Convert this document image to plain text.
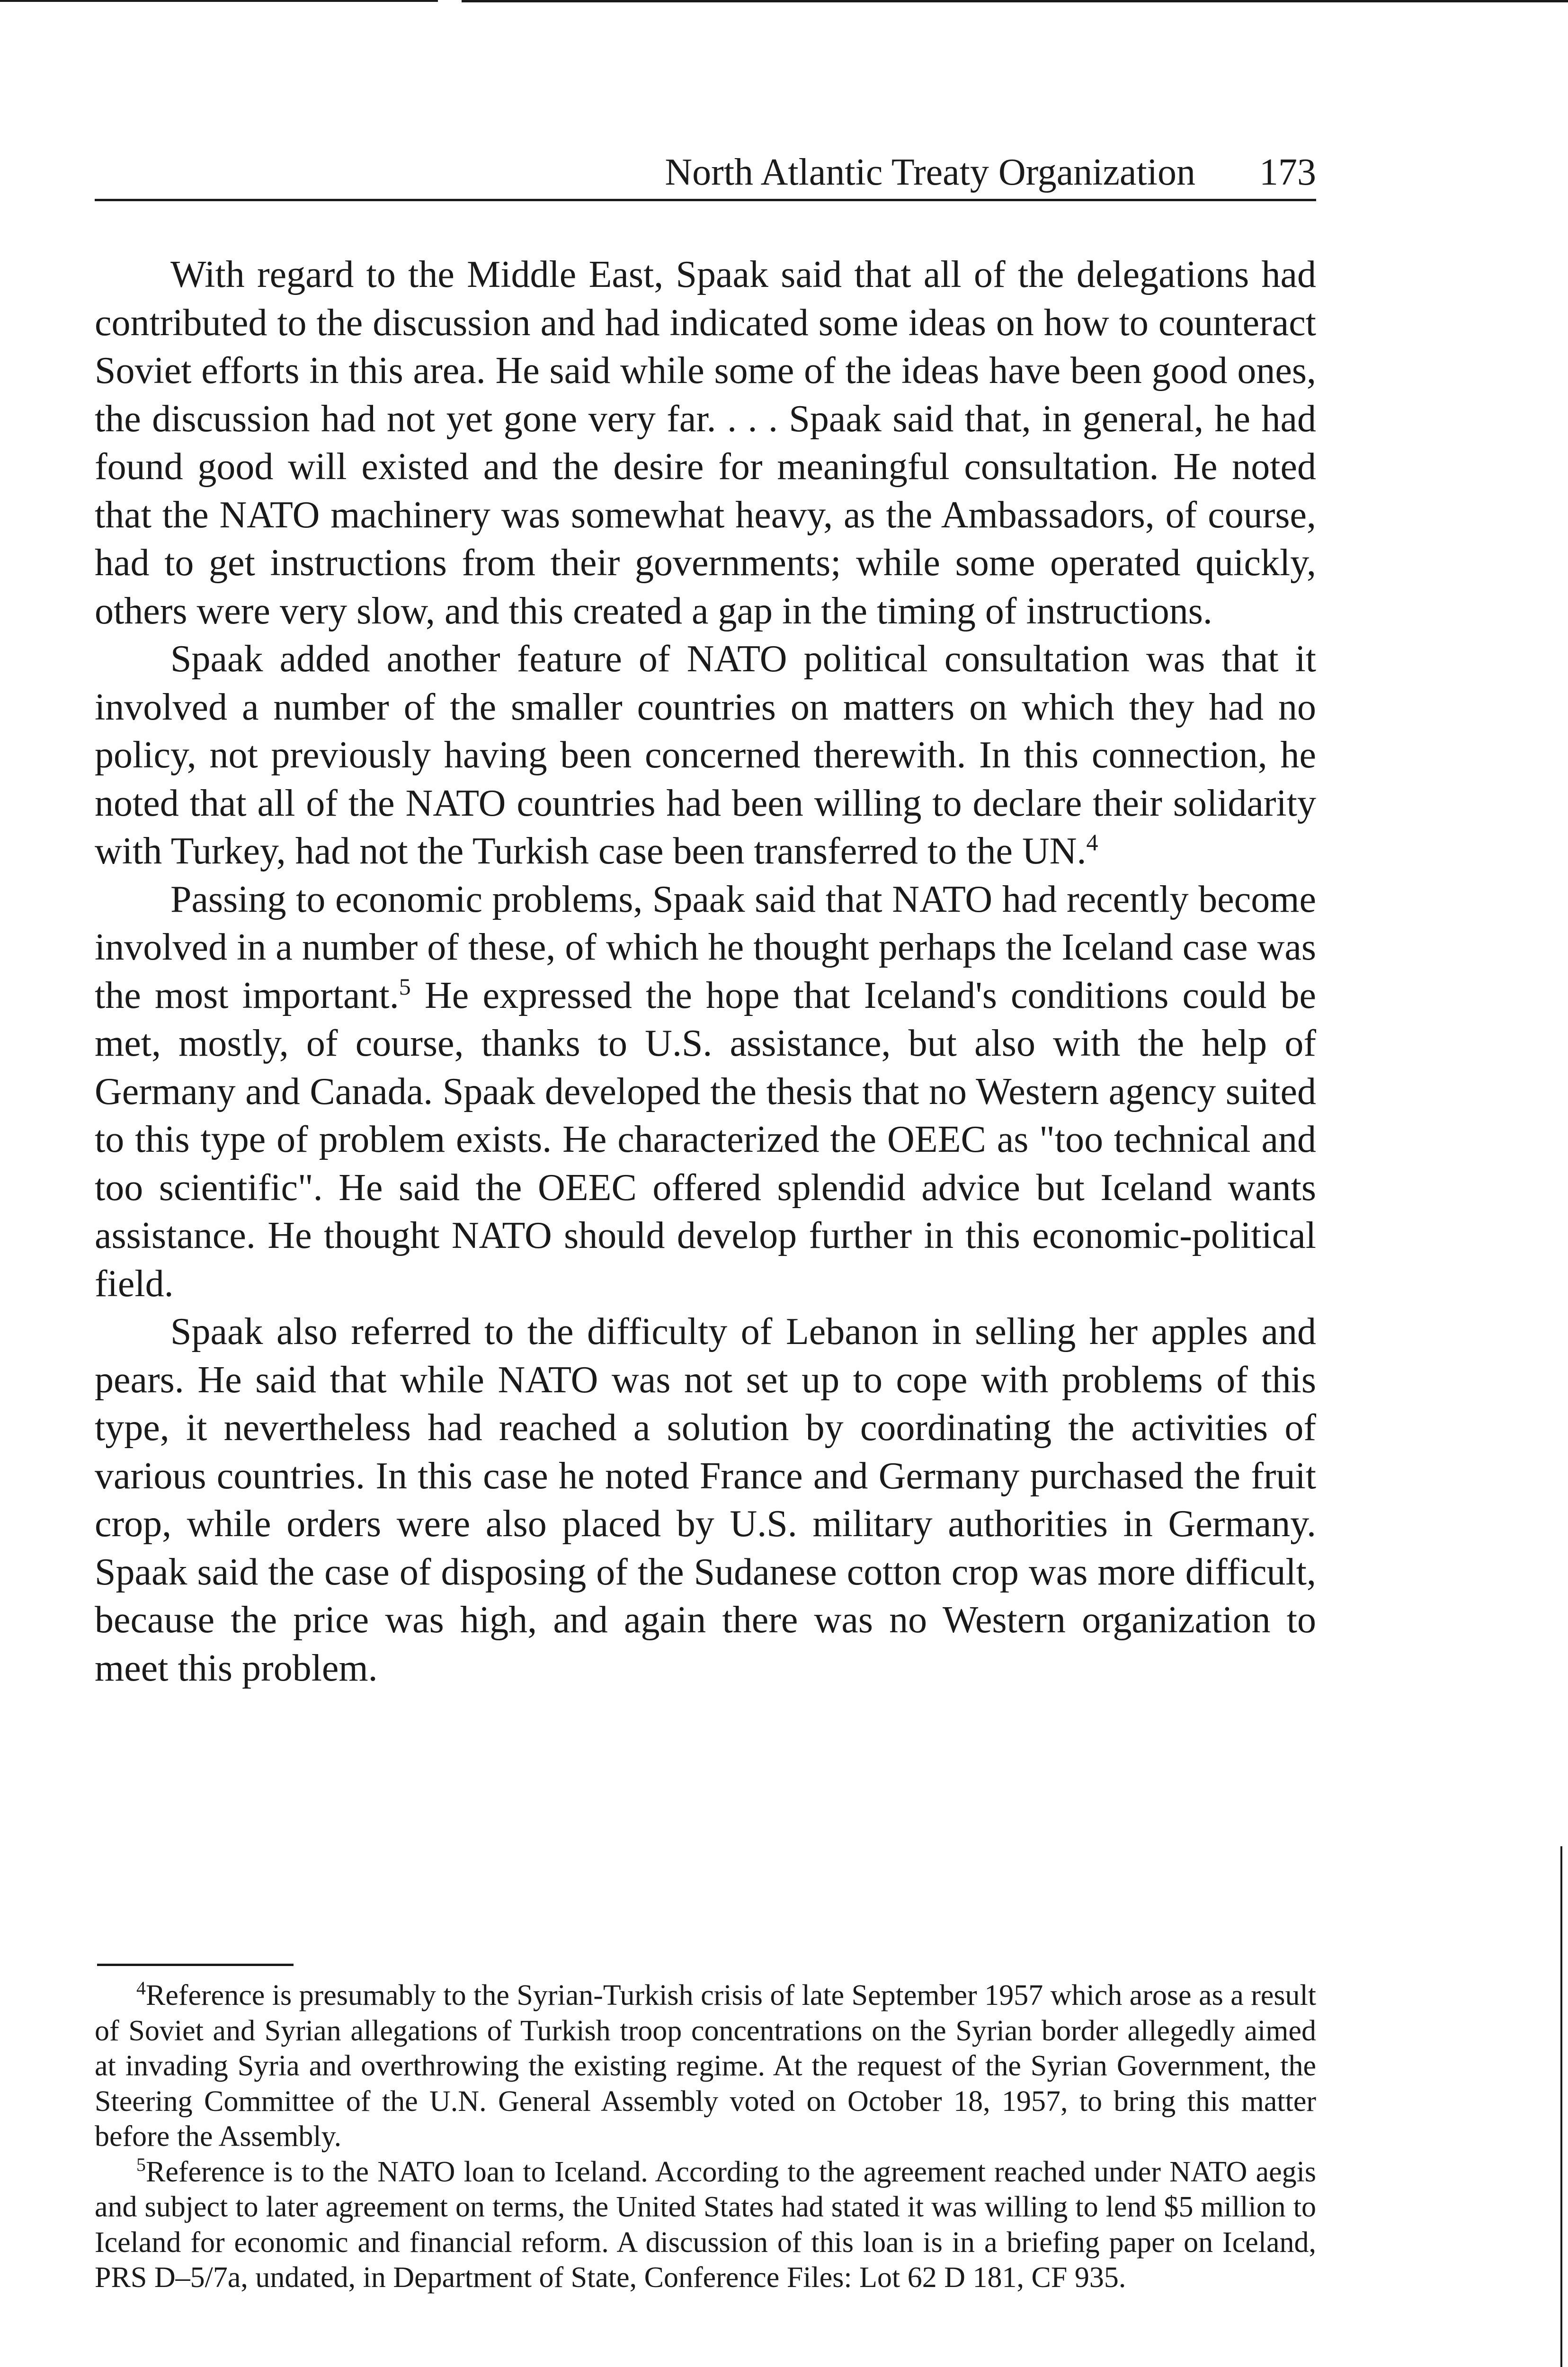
North Atlantic Treaty Organization 173

With regard to the Middle East, Spaak said that all of the delegations had contributed to the discussion and had indicated some ideas on how to counteract Soviet efforts in this area. He said while some of the ideas have been good ones, the discussion had not yet gone very far. . . . Spaak said that, in general, he had found good will existed and the desire for meaningful consultation. He noted that the NATO machinery was somewhat heavy, as the Ambassadors, of course, had to get instructions from their governments; while some operated quickly, others were very slow, and this created a gap in the timing of instructions.

Spaak added another feature of NATO political consultation was that it involved a number of the smaller countries on matters on which they had no policy, not previously having been concerned therewith. In this connection, he noted that all of the NATO countries had been willing to declare their solidarity with Turkey, had not the Turkish case been transferred to the UN.$^4$

Passing to economic problems, Spaak said that NATO had recently become involved in a number of these, of which he thought perhaps the Iceland case was the most important.$^5$ He expressed the hope that Iceland's conditions could be met, mostly, of course, thanks to U.S. assistance, but also with the help of Germany and Canada. Spaak developed the thesis that no Western agency suited to this type of problem exists. He characterized the OEEC as "too technical and too scientific". He said the OEEC offered splendid advice but Iceland wants assistance. He thought NATO should develop further in this economic-political field.

Spaak also referred to the difficulty of Lebanon in selling her apples and pears. He said that while NATO was not set up to cope with problems of this type, it nevertheless had reached a solution by coordinating the activities of various countries. In this case he noted France and Germany purchased the fruit crop, while orders were also placed by U.S. military authorities in Germany. Spaak said the case of disposing of the Sudanese cotton crop was more difficult, because the price was high, and again there was no Western organization to meet this problem.

$^4$Reference is presumably to the Syrian-Turkish crisis of late September 1957 which arose as a result of Soviet and Syrian allegations of Turkish troop concentrations on the Syrian border allegedly aimed at invading Syria and overthrowing the existing regime. At the request of the Syrian Government, the Steering Committee of the U.N. General Assembly voted on October 18, 1957, to bring this matter before the Assembly.

$^5$Reference is to the NATO loan to Iceland. According to the agreement reached under NATO aegis and subject to later agreement on terms, the United States had stated it was willing to lend $5 million to Iceland for economic and financial reform. A discussion of this loan is in a briefing paper on Iceland, PRS D–5/7a, undated, in Department of State, Conference Files: Lot 62 D 181, CF 935.
